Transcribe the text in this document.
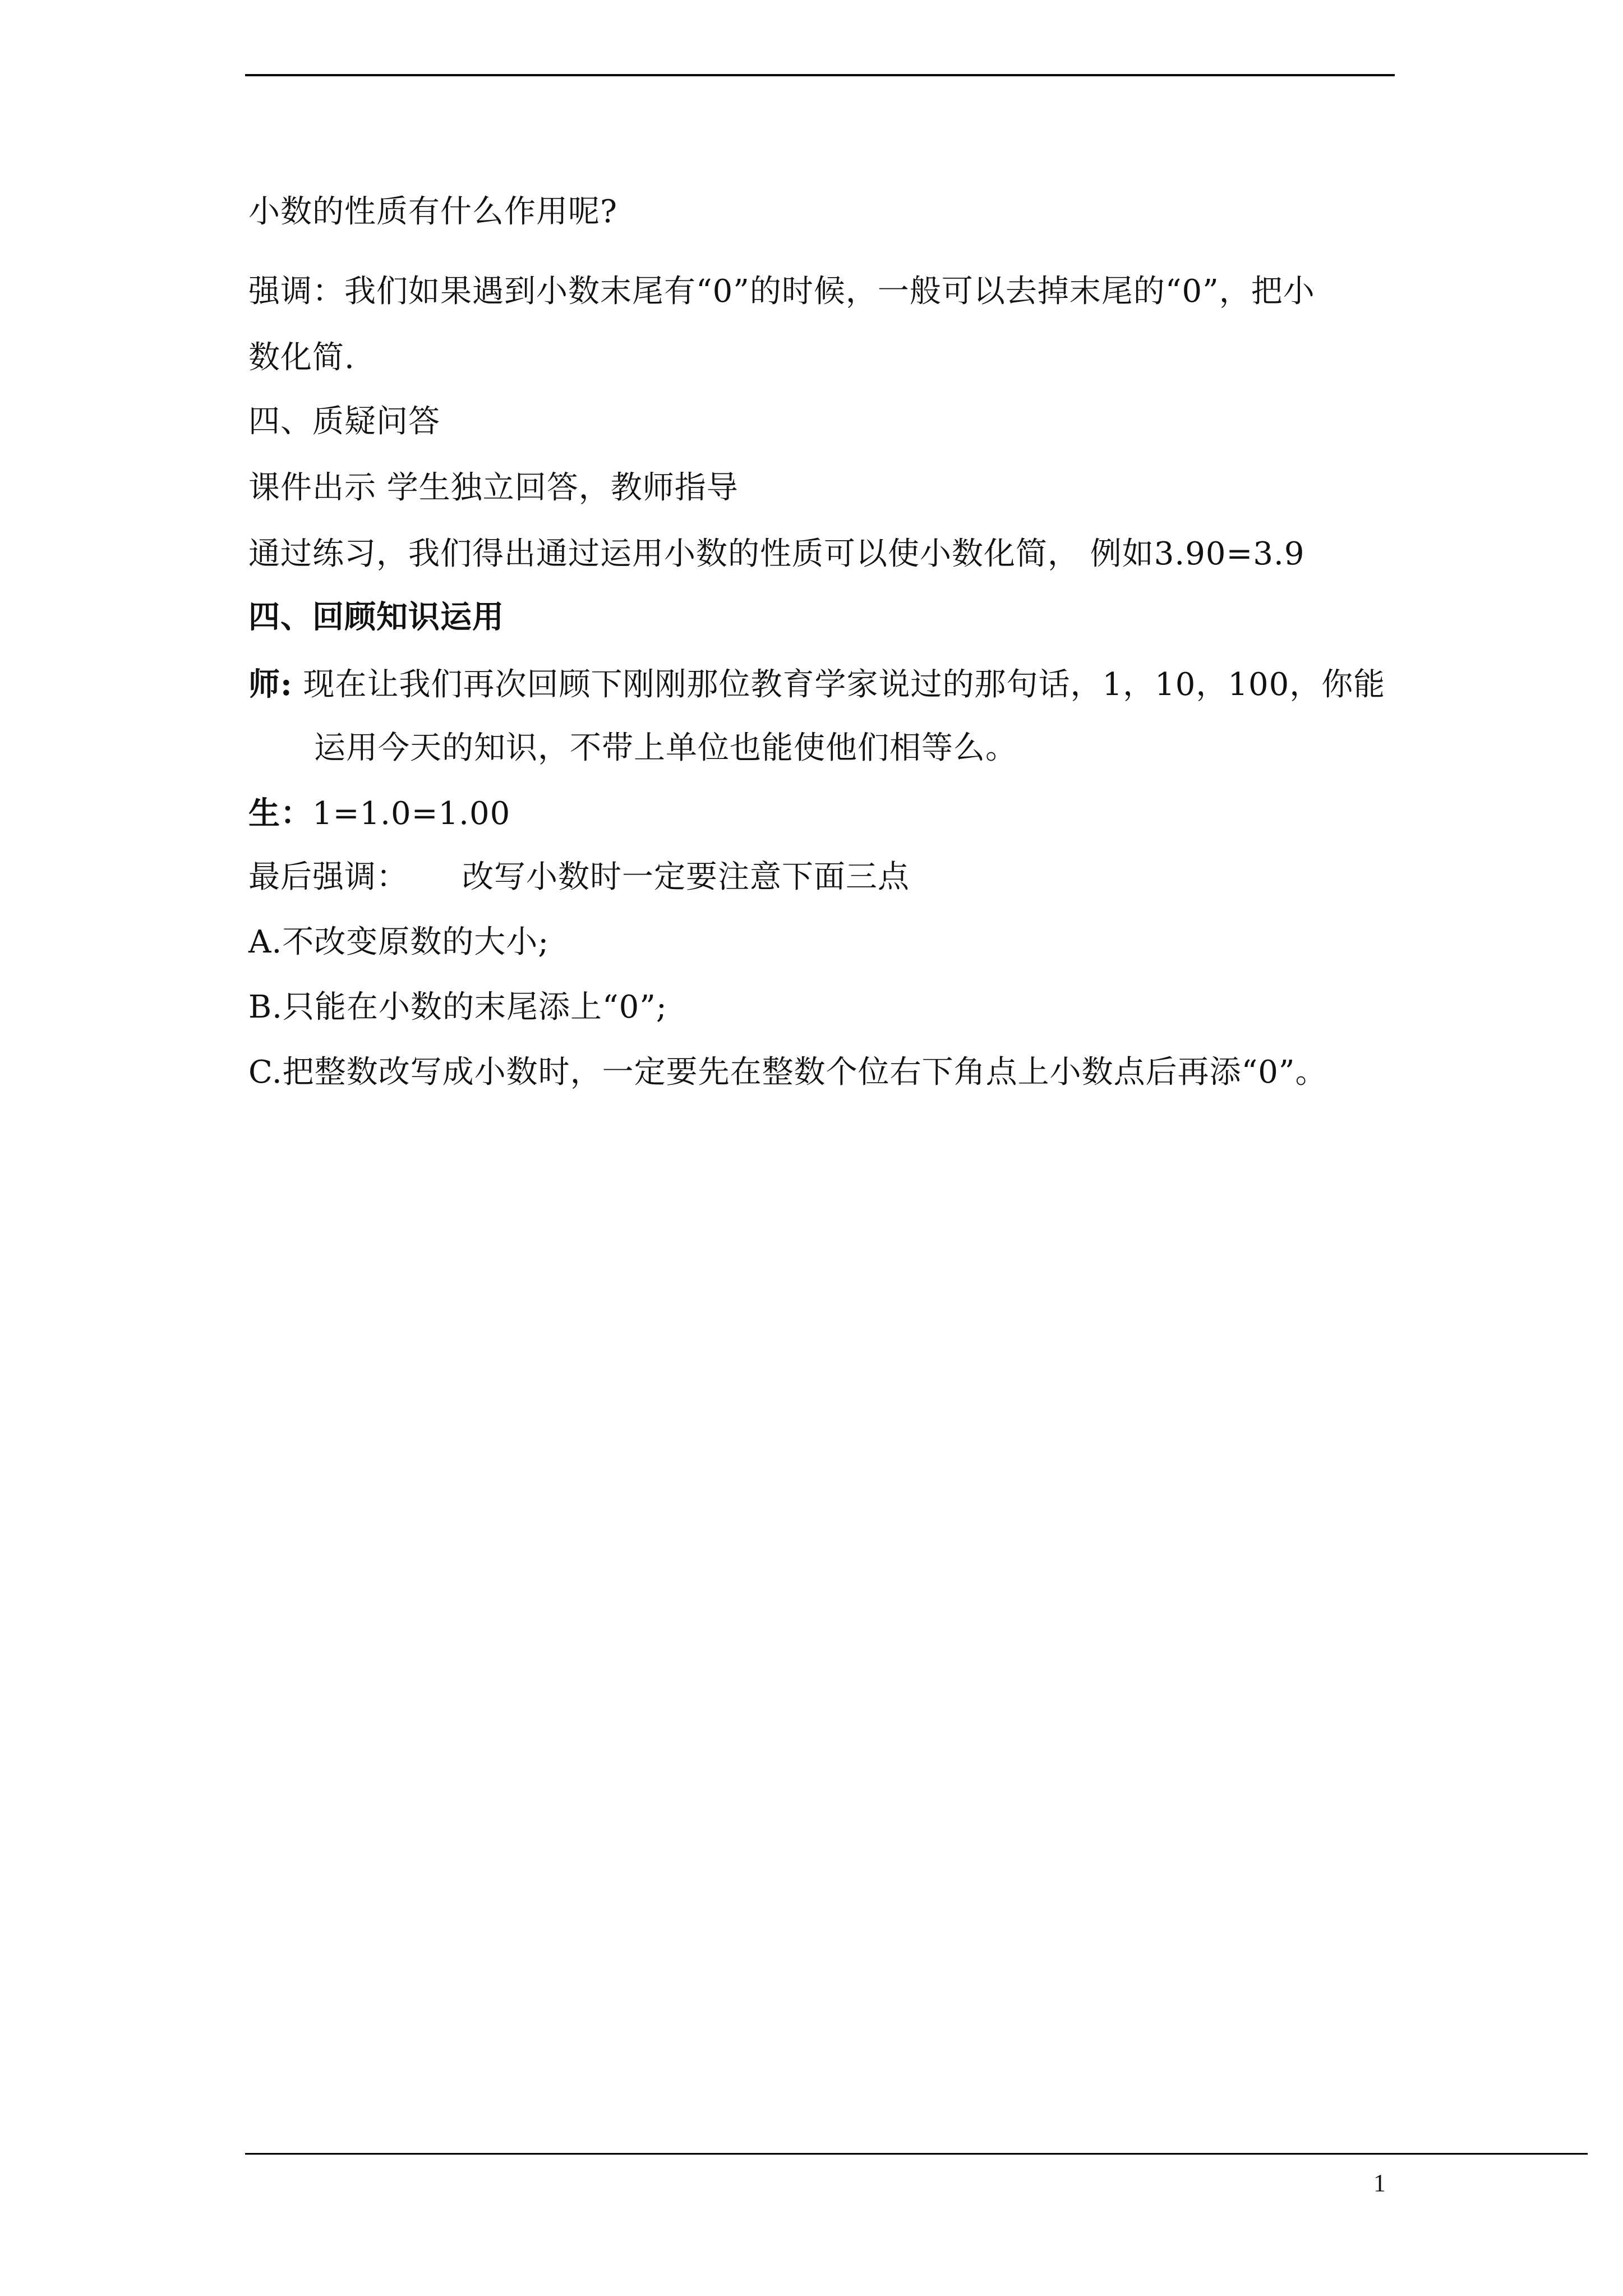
小数的性质有什么作用呢?
强调：我们如果遇到小数末尾有“0”的时候，一般可以去掉末尾的“0”，把小
数化简.
四、质疑问答
课件出示 学生独立回答，教师指导
通过练习，我们得出通过运用小数的性质可以使小数化简， 例如3.90=3.9
四、回顾知识运用
师: 现在让我们再次回顾下刚刚那位教育学家说过的那句话，1，10，100，你能
运用今天的知识，不带上单位也能使他们相等么。
生：1=1.0=1.00
最后强调： 改写小数时一定要注意下面三点
A.不改变原数的大小;
B.只能在小数的末尾添上“0”;
C.把整数改写成小数时，一定要先在整数个位右下角点上小数点后再添“0”。
1
